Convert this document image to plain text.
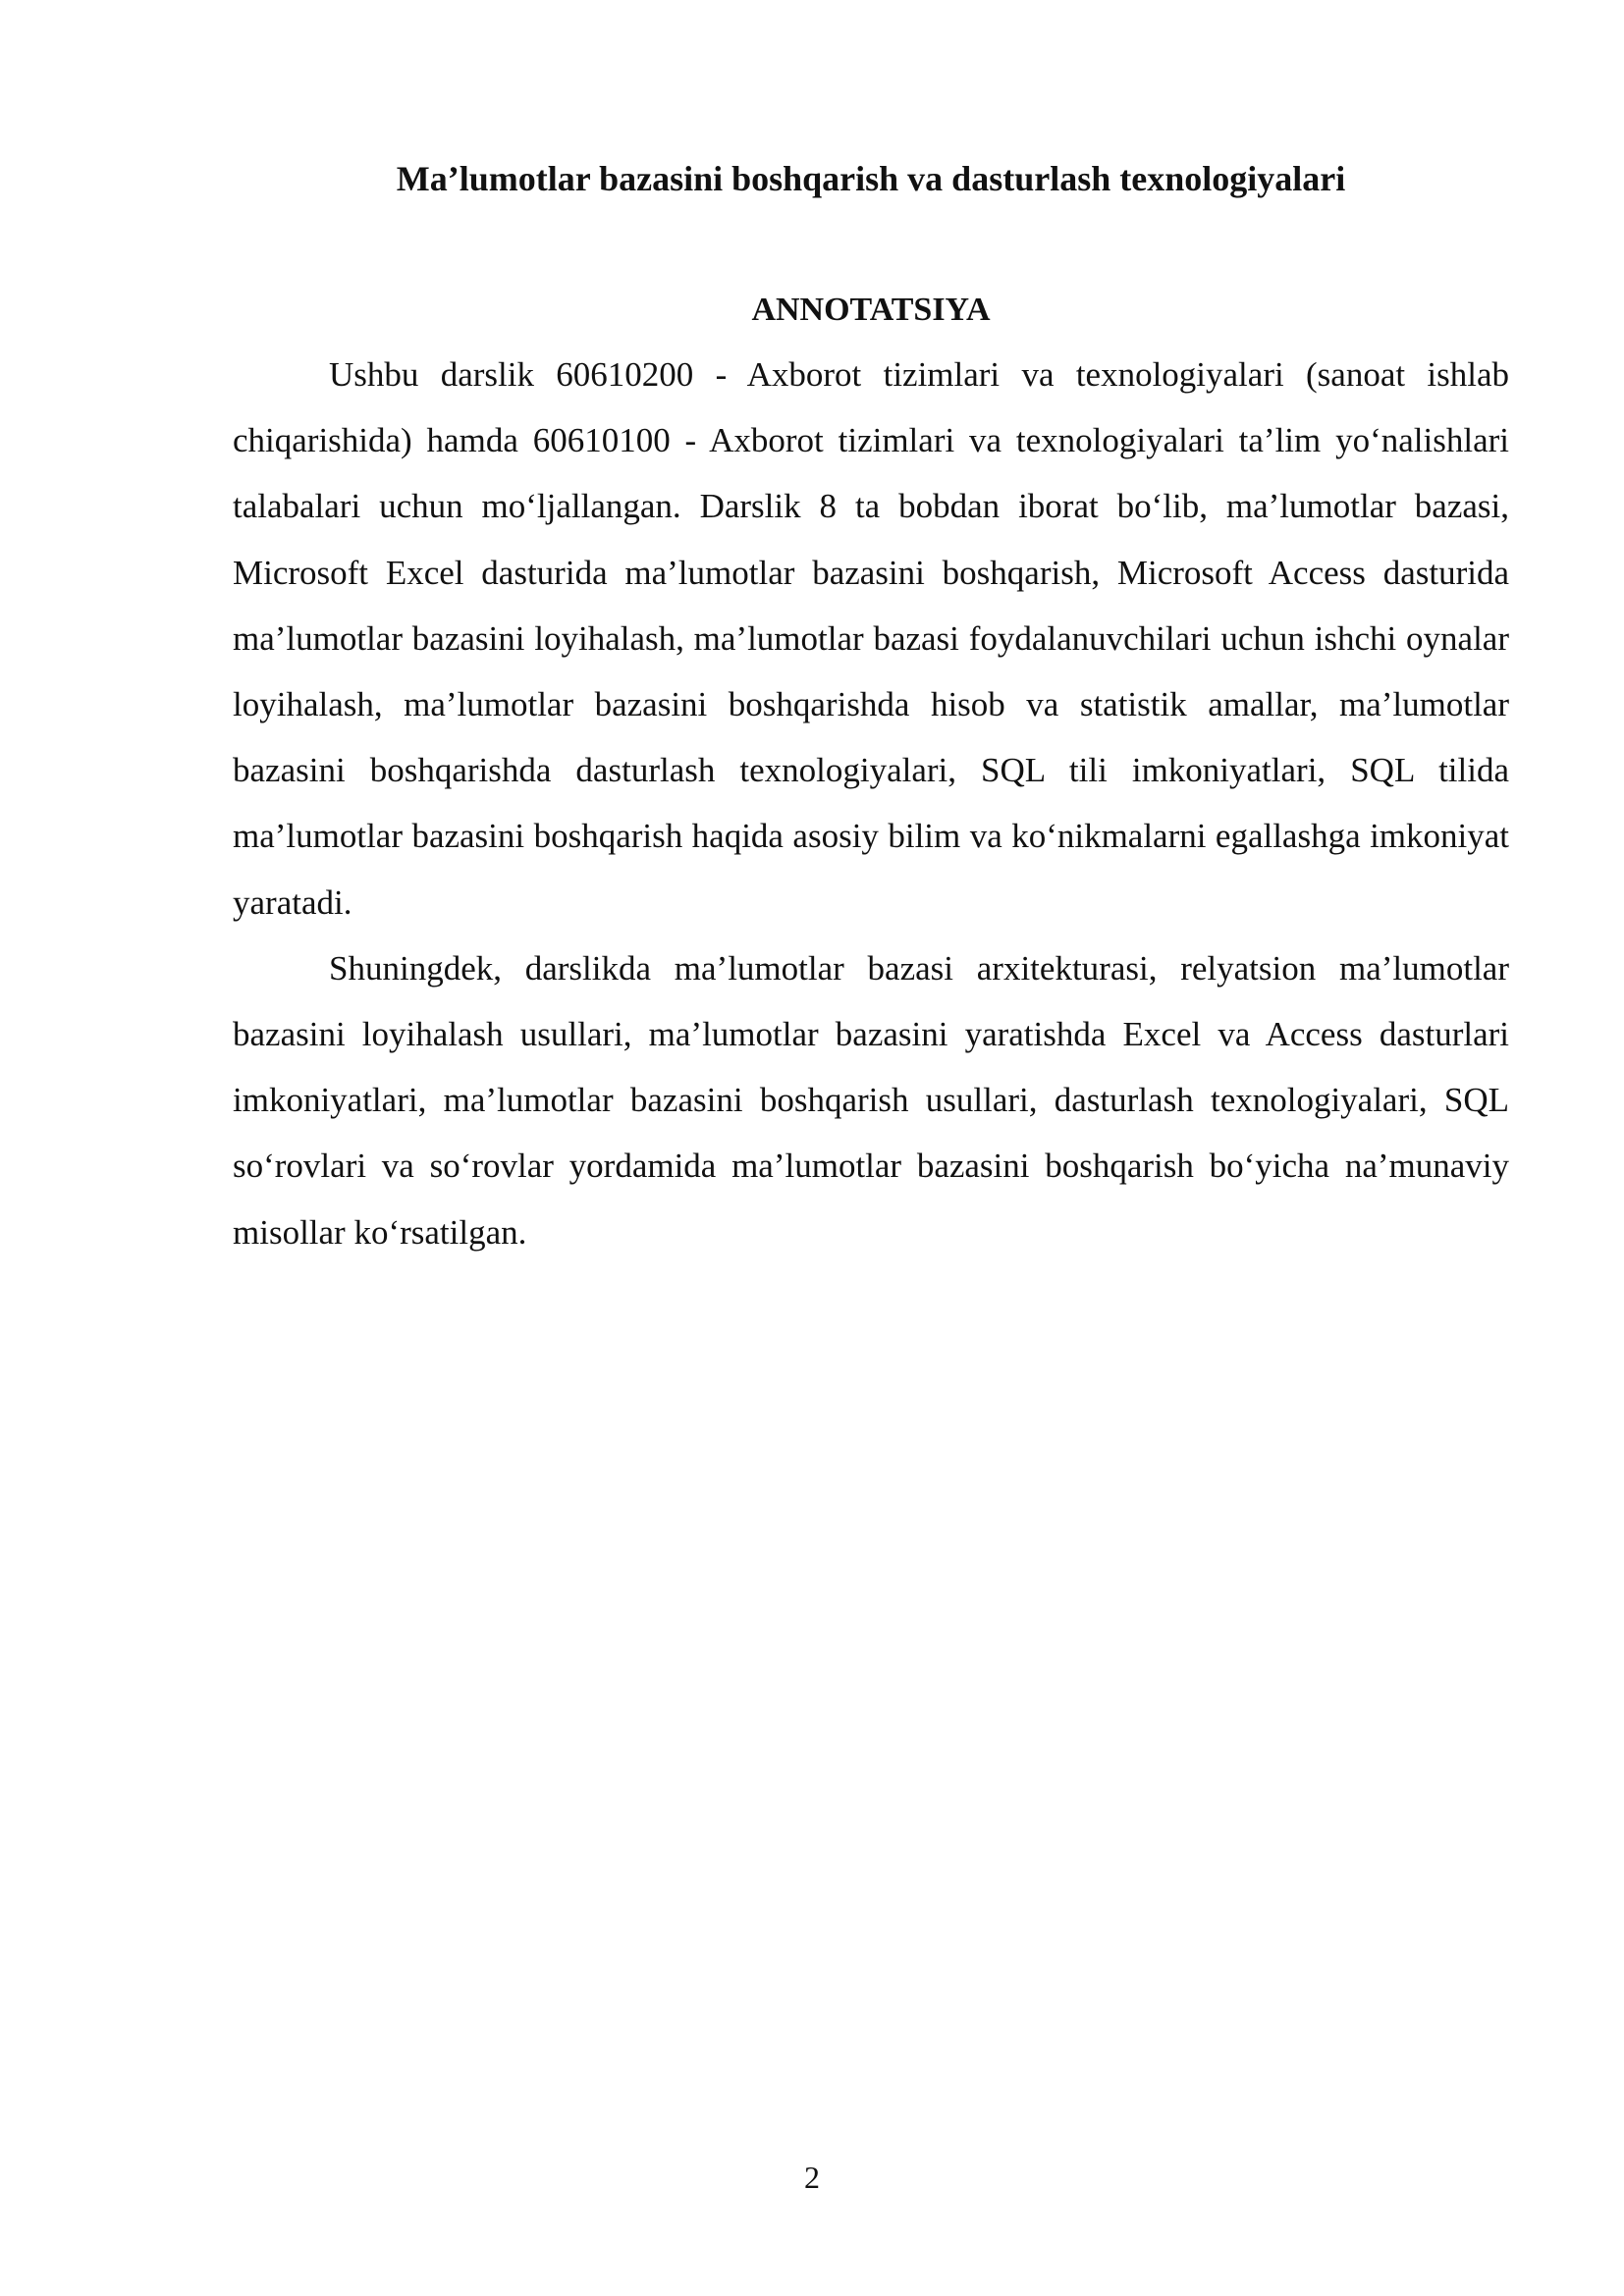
Ma’lumotlar bazasini boshqarish va dasturlash texnologiyalari
ANNOTATSIYA

Ushbu darslik 60610200 - Axborot tizimlari va texnologiyalari (sanoat ishlab chiqarishida) hamda 60610100 - Axborot tizimlari va texnologiyalari ta’lim yo‘nalishlari talabalari uchun mo‘ljallangan. Darslik 8 ta bobdan iborat bo‘lib, ma’lumotlar bazasi, Microsoft Excel dasturida ma’lumotlar bazasini boshqarish, Microsoft Access dasturida ma’lumotlar bazasini loyihalash, ma’lumotlar bazasi foydalanuvchilari uchun ishchi oynalar loyihalash, ma’lumotlar bazasini boshqarishda hisob va statistik amallar, ma’lumotlar bazasini boshqarishda dasturlash texnologiyalari, SQL tili imkoniyatlari, SQL tilida ma’lumotlar bazasini boshqarish haqida asosiy bilim va ko‘nikmalarni egallashga imkoniyat yaratadi.

Shuningdek, darslikda ma’lumotlar bazasi arxitekturasi, relyatsion ma’lumotlar bazasini loyihalash usullari, ma’lumotlar bazasini yaratishda Excel va Access dasturlari imkoniyatlari, ma’lumotlar bazasini boshqarish usullari, dasturlash texnologiyalari, SQL so‘rovlari va so‘rovlar yordamida ma’lumotlar bazasini boshqarish bo‘yicha na’munaviy misollar ko‘rsatilgan.

2
